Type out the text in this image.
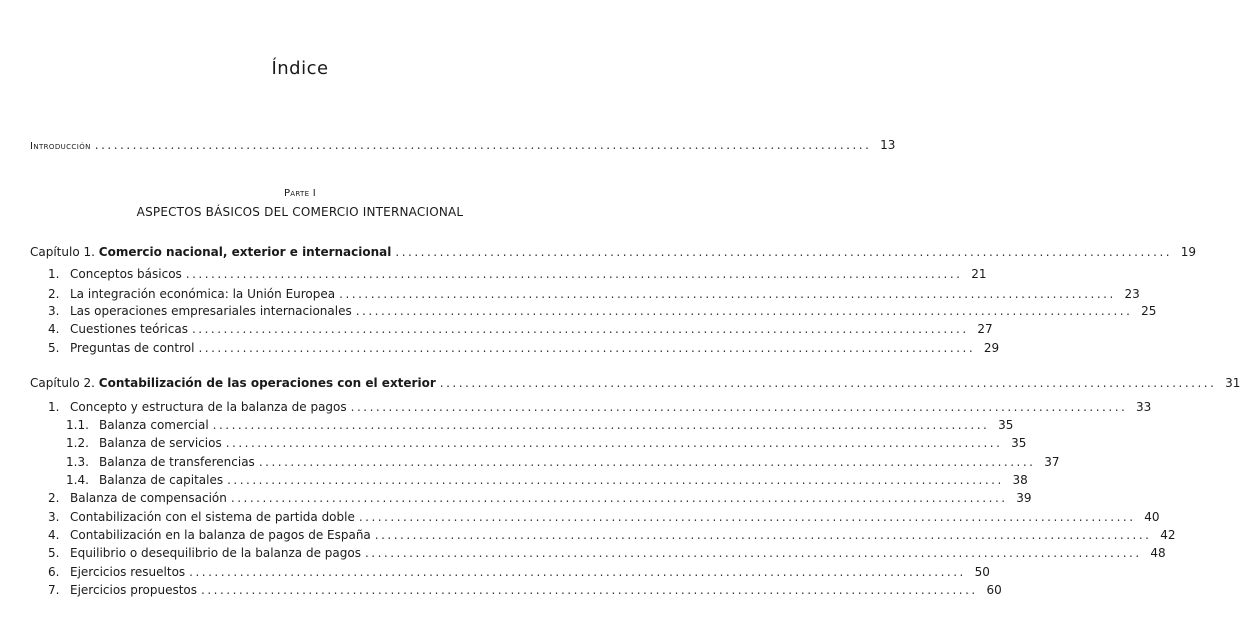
Índice
Introducción ........................................................................................................................... 13
Parte I
ASPECTOS BÁSICOS DEL COMERCIO INTERNACIONAL
Capítulo 1. Comercio nacional, exterior e internacional ........................................................................................................................... 19
1. Conceptos básicos ........................................................................................................................... 21
2. La integración económica: la Unión Europea ........................................................................................................................... 23
3. Las operaciones empresariales internacionales ........................................................................................................................... 25
4. Cuestiones teóricas ........................................................................................................................... 27
5. Preguntas de control ........................................................................................................................... 29
Capítulo 2. Contabilización de las operaciones con el exterior ........................................................................................................................... 31
1. Concepto y estructura de la balanza de pagos ........................................................................................................................... 33
1.1. Balanza comercial ........................................................................................................................... 35
1.2. Balanza de servicios ........................................................................................................................... 35
1.3. Balanza de transferencias ........................................................................................................................... 37
1.4. Balanza de capitales ........................................................................................................................... 38
2. Balanza de compensación ........................................................................................................................... 39
3. Contabilización con el sistema de partida doble ........................................................................................................................... 40
4. Contabilización en la balanza de pagos de España ........................................................................................................................... 42
5. Equilibrio o desequilibrio de la balanza de pagos ........................................................................................................................... 48
6. Ejercicios resueltos ........................................................................................................................... 50
7. Ejercicios propuestos ........................................................................................................................... 60
